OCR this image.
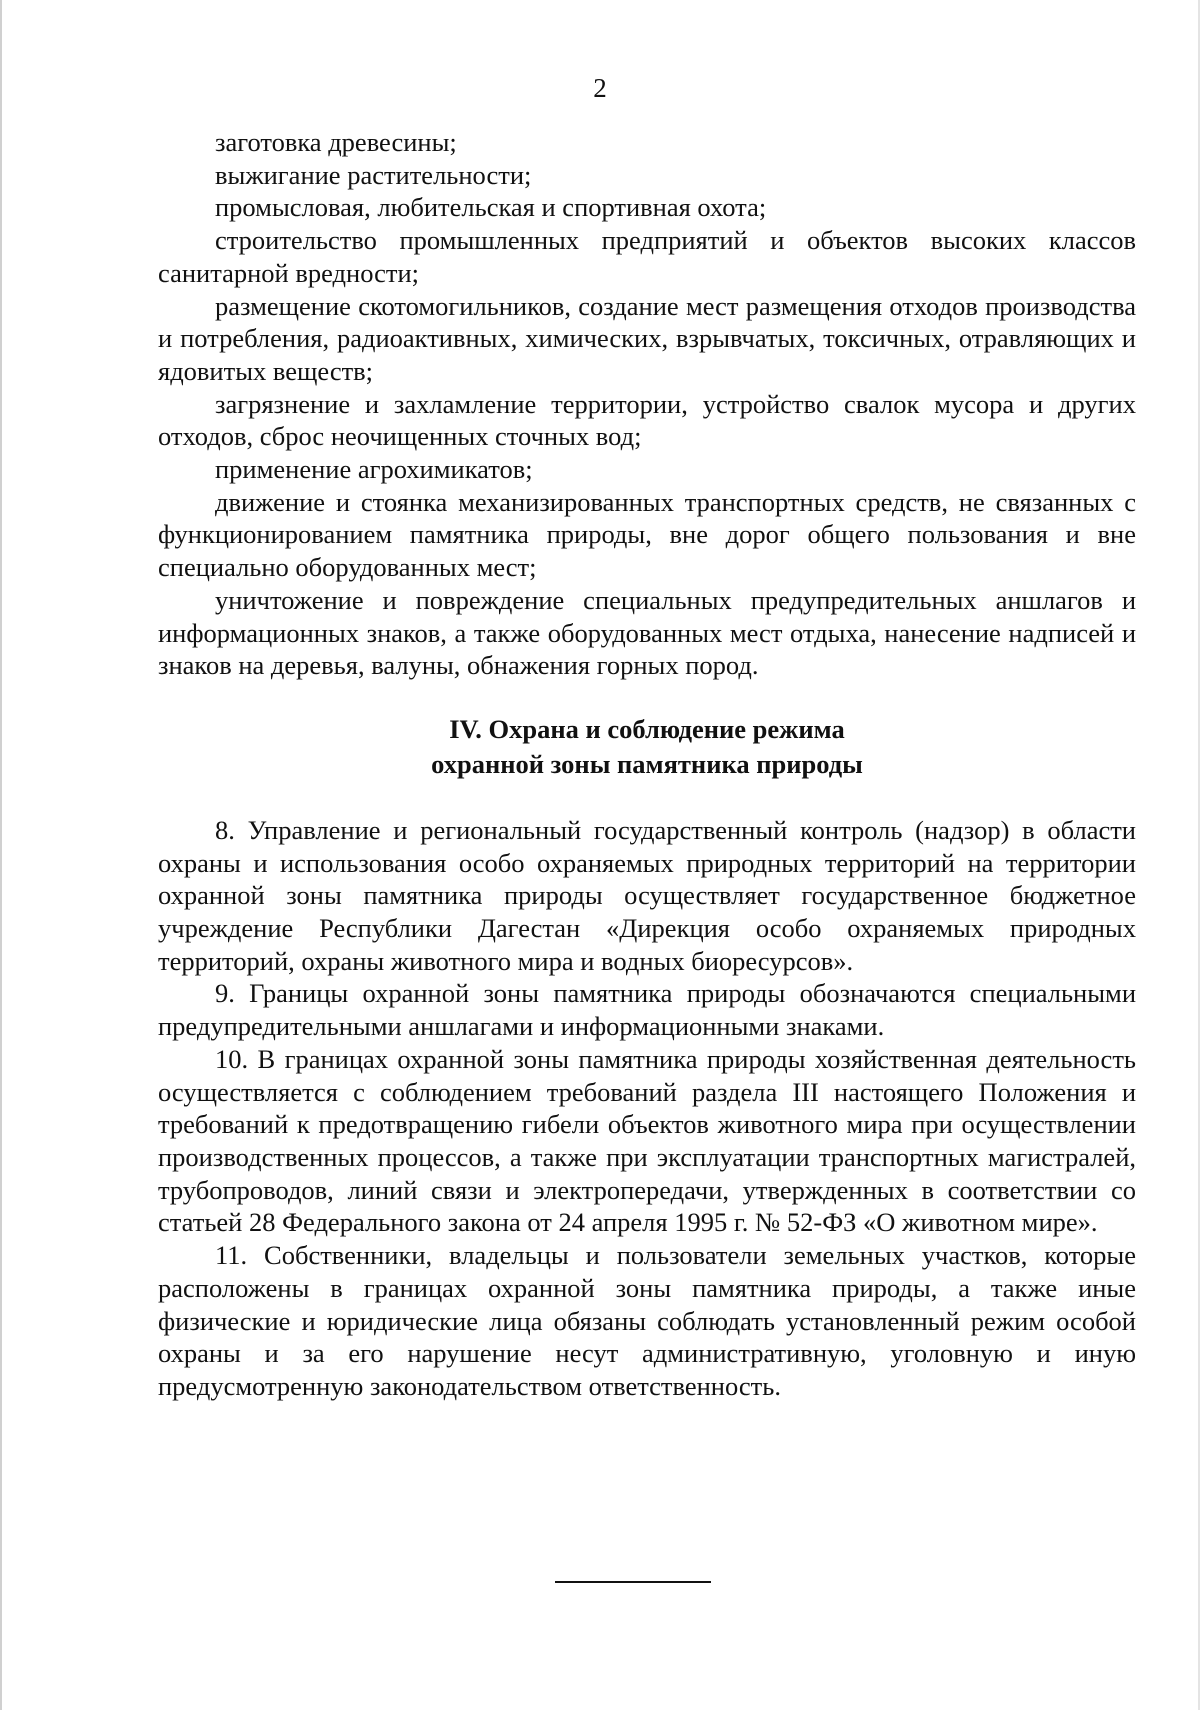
2

заготовка древесины;

выжигание растительности;

промысловая, любительская и спортивная охота;

строительство промышленных предприятий и объектов высоких классов санитарной вредности;

размещение скотомогильников, создание мест размещения отходов производства и потребления, радиоактивных, химических, взрывчатых, токсичных, отравляющих и ядовитых веществ;

загрязнение и захламление территории, устройство свалок мусора и других отходов, сброс неочищенных сточных вод;

применение агрохимикатов;

движение и стоянка механизированных транспортных средств, не связанных с функционированием памятника природы, вне дорог общего пользования и вне специально оборудованных мест;

уничтожение и повреждение специальных предупредительных аншлагов и информационных знаков, а также оборудованных мест отдыха, нанесение надписей и знаков на деревья, валуны, обнажения горных пород.

IV. Охрана и соблюдение режима
охранной зоны памятника природы

8. Управление и региональный государственный контроль (надзор) в области охраны и использования особо охраняемых природных территорий на территории охранной зоны памятника природы осуществляет государственное бюджетное учреждение Республики Дагестан «Дирекция особо охраняемых природных территорий, охраны животного мира и водных биоресурсов».

9. Границы охранной зоны памятника природы обозначаются специальными предупредительными аншлагами и информационными знаками.

10. В границах охранной зоны памятника природы хозяйственная деятельность осуществляется с соблюдением требований раздела III настоящего Положения и требований к предотвращению гибели объектов животного мира при осуществлении производственных процессов, а также при эксплуатации транспортных магистралей, трубопроводов, линий связи и электропередачи, утвержденных в соответствии со статьей 28 Федерального закона от 24 апреля 1995 г. № 52-ФЗ «О животном мире».

11. Собственники, владельцы и пользователи земельных участков, которые расположены в границах охранной зоны памятника природы, а также иные физические и юридические лица обязаны соблюдать установленный режим особой охраны и за его нарушение несут административную, уголовную и иную предусмотренную законодательством ответственность.
